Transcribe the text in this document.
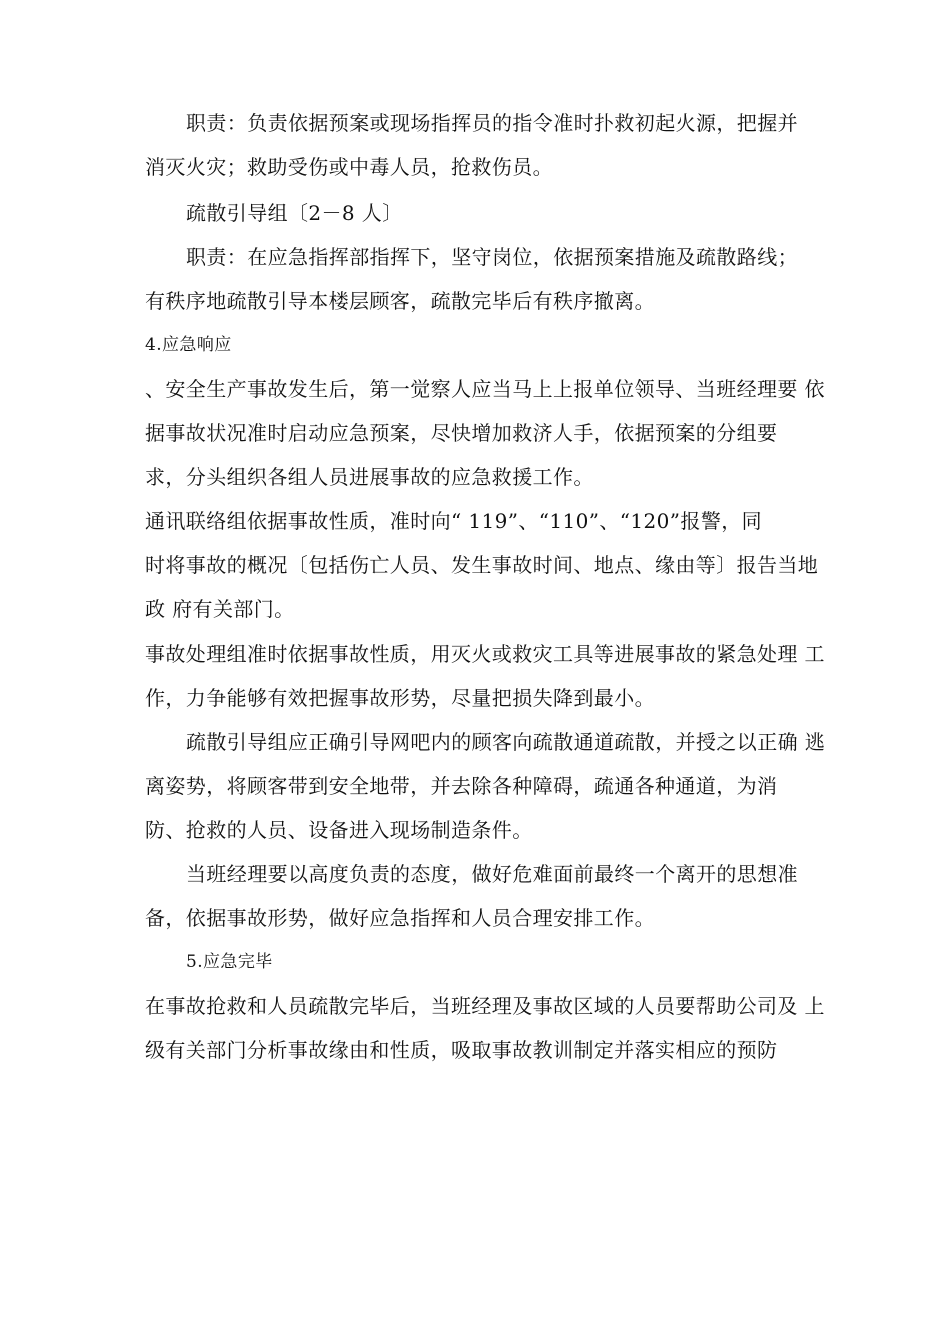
职责：负责依据预案或现场指挥员的指令准时扑救初起火源，把握并
消灭火灾；救助受伤或中毒人员，抢救伤员。
疏散引导组〔2－8 人〕
职责：在应急指挥部指挥下，坚守岗位，依据预案措施及疏散路线；
有秩序地疏散引导本楼层顾客，疏散完毕后有秩序撤离。
4.应急响应
、安全生产事故发生后，第一觉察人应当马上上报单位领导、当班经理要 依
据事故状况准时启动应急预案，尽快增加救济人手，依据预案的分组要
求，分头组织各组人员进展事故的应急救援工作。
通讯联络组依据事故性质，准时向“ 119”、“110”、“120”报警，同
时将事故的概况〔包括伤亡人员、发生事故时间、地点、缘由等〕报告当地
政 府有关部门。
事故处理组准时依据事故性质，用灭火或救灾工具等进展事故的紧急处理 工
作，力争能够有效把握事故形势，尽量把损失降到最小。
疏散引导组应正确引导网吧内的顾客向疏散通道疏散，并授之以正确 逃
离姿势，将顾客带到安全地带，并去除各种障碍，疏通各种通道，为消
防、抢救的人员、设备进入现场制造条件。
当班经理要以高度负责的态度，做好危难面前最终一个离开的思想准
备，依据事故形势，做好应急指挥和人员合理安排工作。
5.应急完毕
在事故抢救和人员疏散完毕后，当班经理及事故区域的人员要帮助公司及 上
级有关部门分析事故缘由和性质，吸取事故教训制定并落实相应的预防
